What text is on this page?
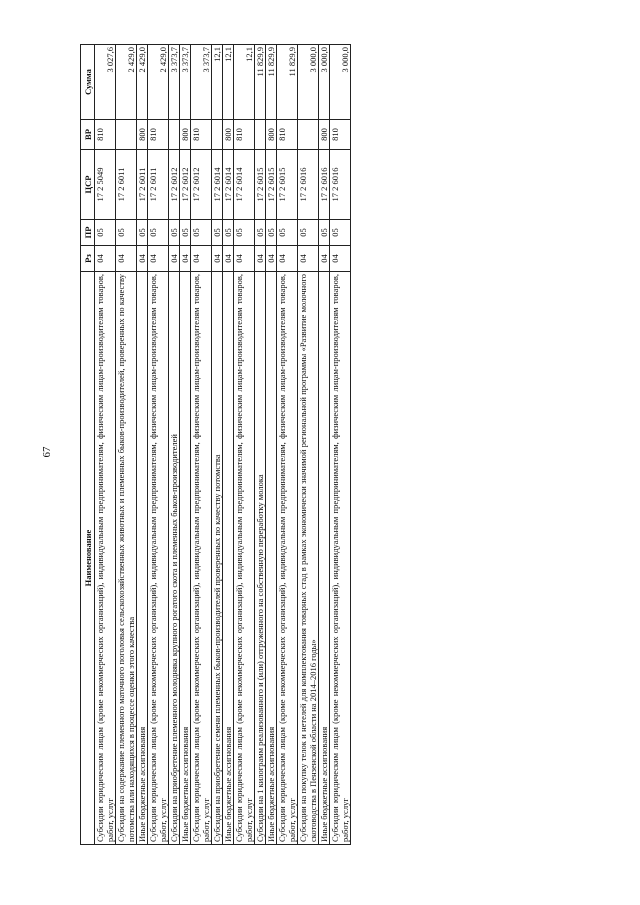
67
Наименование	Рз	ПР	ЦСР	ВР	Сумма
Субсидии юридическим лицам (кроме некоммерческих организаций), индивидуальным предпринимателям, физическим лицам-производителям товаров, работ, услуг	04	05	17 2 5049	810	3 027,6
Субсидии на содержание племенного маточного поголовья сельскохозяйственных животных и племенных быков-производителей, проверенных по качеству потомства или находящихся в процессе оценки этого качества	04	05	17 2 6011		2 429,0
Иные бюджетные ассигнования	04	05	17 2 6011	800	2 429,0
Субсидии юридическим лицам (кроме некоммерческих организаций), индивидуальным предпринимателям, физическим лицам-производителям товаров, работ, услуг	04	05	17 2 6011	810	2 429,0
Субсидии на приобретение племенного молодняка крупного рогатого скота и племенных быков-производителей	04	05	17 2 6012		3 373,7
Иные бюджетные ассигнования	04	05	17 2 6012	800	3 373,7
Субсидии юридическим лицам (кроме некоммерческих организаций), индивидуальным предпринимателям, физическим лицам-производителям товаров, работ, услуг	04	05	17 2 6012	810	3 373,7
Субсидии на приобретение семени племенных быков-производителей проверенных по качеству потомства	04	05	17 2 6014		12,1
Иные бюджетные ассигнования	04	05	17 2 6014	800	12,1
Субсидии юридическим лицам (кроме некоммерческих организаций), индивидуальным предпринимателям, физическим лицам-производителям товаров, работ, услуг	04	05	17 2 6014	810	12,1
Субсидии на 1 килограмм реализованного и (или) отгруженного на собственную переработку молока	04	05	17 2 6015		11 829,9
Иные бюджетные ассигнования	04	05	17 2 6015	800	11 829,9
Субсидии юридическим лицам (кроме некоммерческих организаций), индивидуальным предпринимателям, физическим лицам-производителям товаров, работ, услуг	04	05	17 2 6015	810	11 829,9
Субсидии на покупку телок и нетелей для комплектования товарных стад в рамках экономически значимой региональной программы «Развитие молочного скотоводства в Пензенской области на 2014–2016 годы»	04	05	17 2 6016		3 000,0
Иные бюджетные ассигнования	04	05	17 2 6016	800	3 000,0
Субсидии юридическим лицам (кроме некоммерческих организаций), индивидуальным предпринимателям, физическим лицам-производителям товаров, работ, услуг	04	05	17 2 6016	810	3 000,0
